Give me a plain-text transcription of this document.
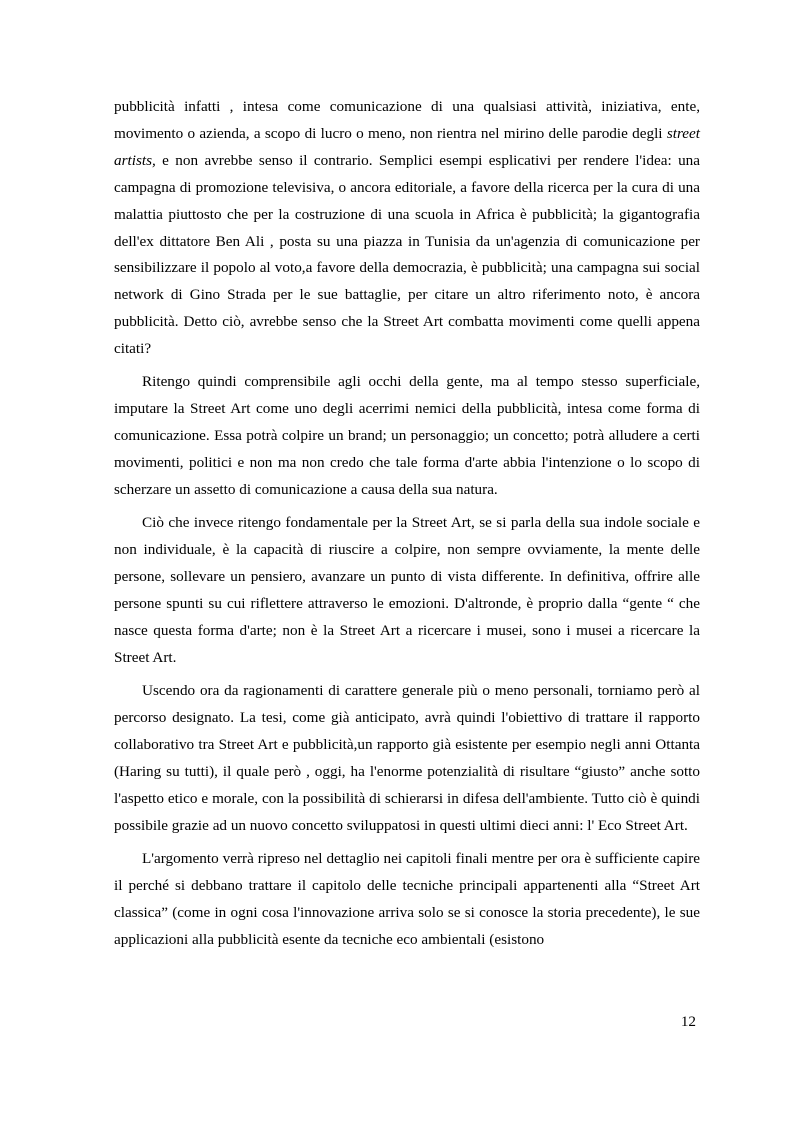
pubblicità infatti , intesa come comunicazione di una qualsiasi attività, iniziativa, ente, movimento o azienda, a scopo di lucro o meno, non rientra nel mirino delle parodie degli street artists, e non avrebbe senso il contrario. Semplici esempi esplicativi per rendere l'idea: una campagna di promozione televisiva, o ancora editoriale, a favore della ricerca per la cura di una malattia piuttosto che per la costruzione di una scuola in Africa è pubblicità; la gigantografia dell'ex dittatore Ben Ali , posta su una piazza in Tunisia da un'agenzia di comunicazione per sensibilizzare il popolo al voto,a favore della democrazia, è pubblicità; una campagna sui social network di Gino Strada per le sue battaglie, per citare un altro riferimento noto, è ancora pubblicità. Detto ciò, avrebbe senso che la Street Art combatta movimenti come quelli appena citati?

Ritengo quindi comprensibile agli occhi della gente, ma al tempo stesso superficiale, imputare la Street Art come uno degli acerrimi nemici della pubblicità, intesa come forma di comunicazione. Essa potrà colpire un brand; un personaggio; un concetto; potrà alludere a certi movimenti, politici e non ma non credo che tale forma d'arte abbia l'intenzione o lo scopo di scherzare un assetto di comunicazione a causa della sua natura.

Ciò che invece ritengo fondamentale per la Street Art, se si parla della sua indole sociale e non individuale, è la capacità di riuscire a colpire, non sempre ovviamente, la mente delle persone, sollevare un pensiero, avanzare un punto di vista differente. In definitiva, offrire alle persone spunti su cui riflettere attraverso le emozioni. D'altronde, è proprio dalla “gente “ che nasce questa forma d'arte; non è la Street Art a ricercare i musei, sono i musei a ricercare la Street Art.

Uscendo ora da ragionamenti di carattere generale più o meno personali, torniamo però al percorso designato. La tesi, come già anticipato, avrà quindi l'obiettivo di trattare il rapporto collaborativo tra Street Art e pubblicità,un rapporto già esistente per esempio negli anni Ottanta (Haring su tutti), il quale però , oggi, ha l'enorme potenzialità di risultare “giusto” anche sotto l'aspetto etico e morale, con la possibilità di schierarsi in difesa dell'ambiente. Tutto ciò è quindi possibile grazie ad un nuovo concetto sviluppatosi in questi ultimi dieci anni: l' Eco Street Art.

L'argomento verrà ripreso nel dettaglio nei capitoli finali mentre per ora è sufficiente capire il perché si debbano trattare il capitolo delle tecniche principali appartenenti alla “Street Art classica” (come in ogni cosa l'innovazione arriva solo se si conosce la storia precedente), le sue applicazioni alla pubblicità esente da tecniche eco ambientali (esistono

12
